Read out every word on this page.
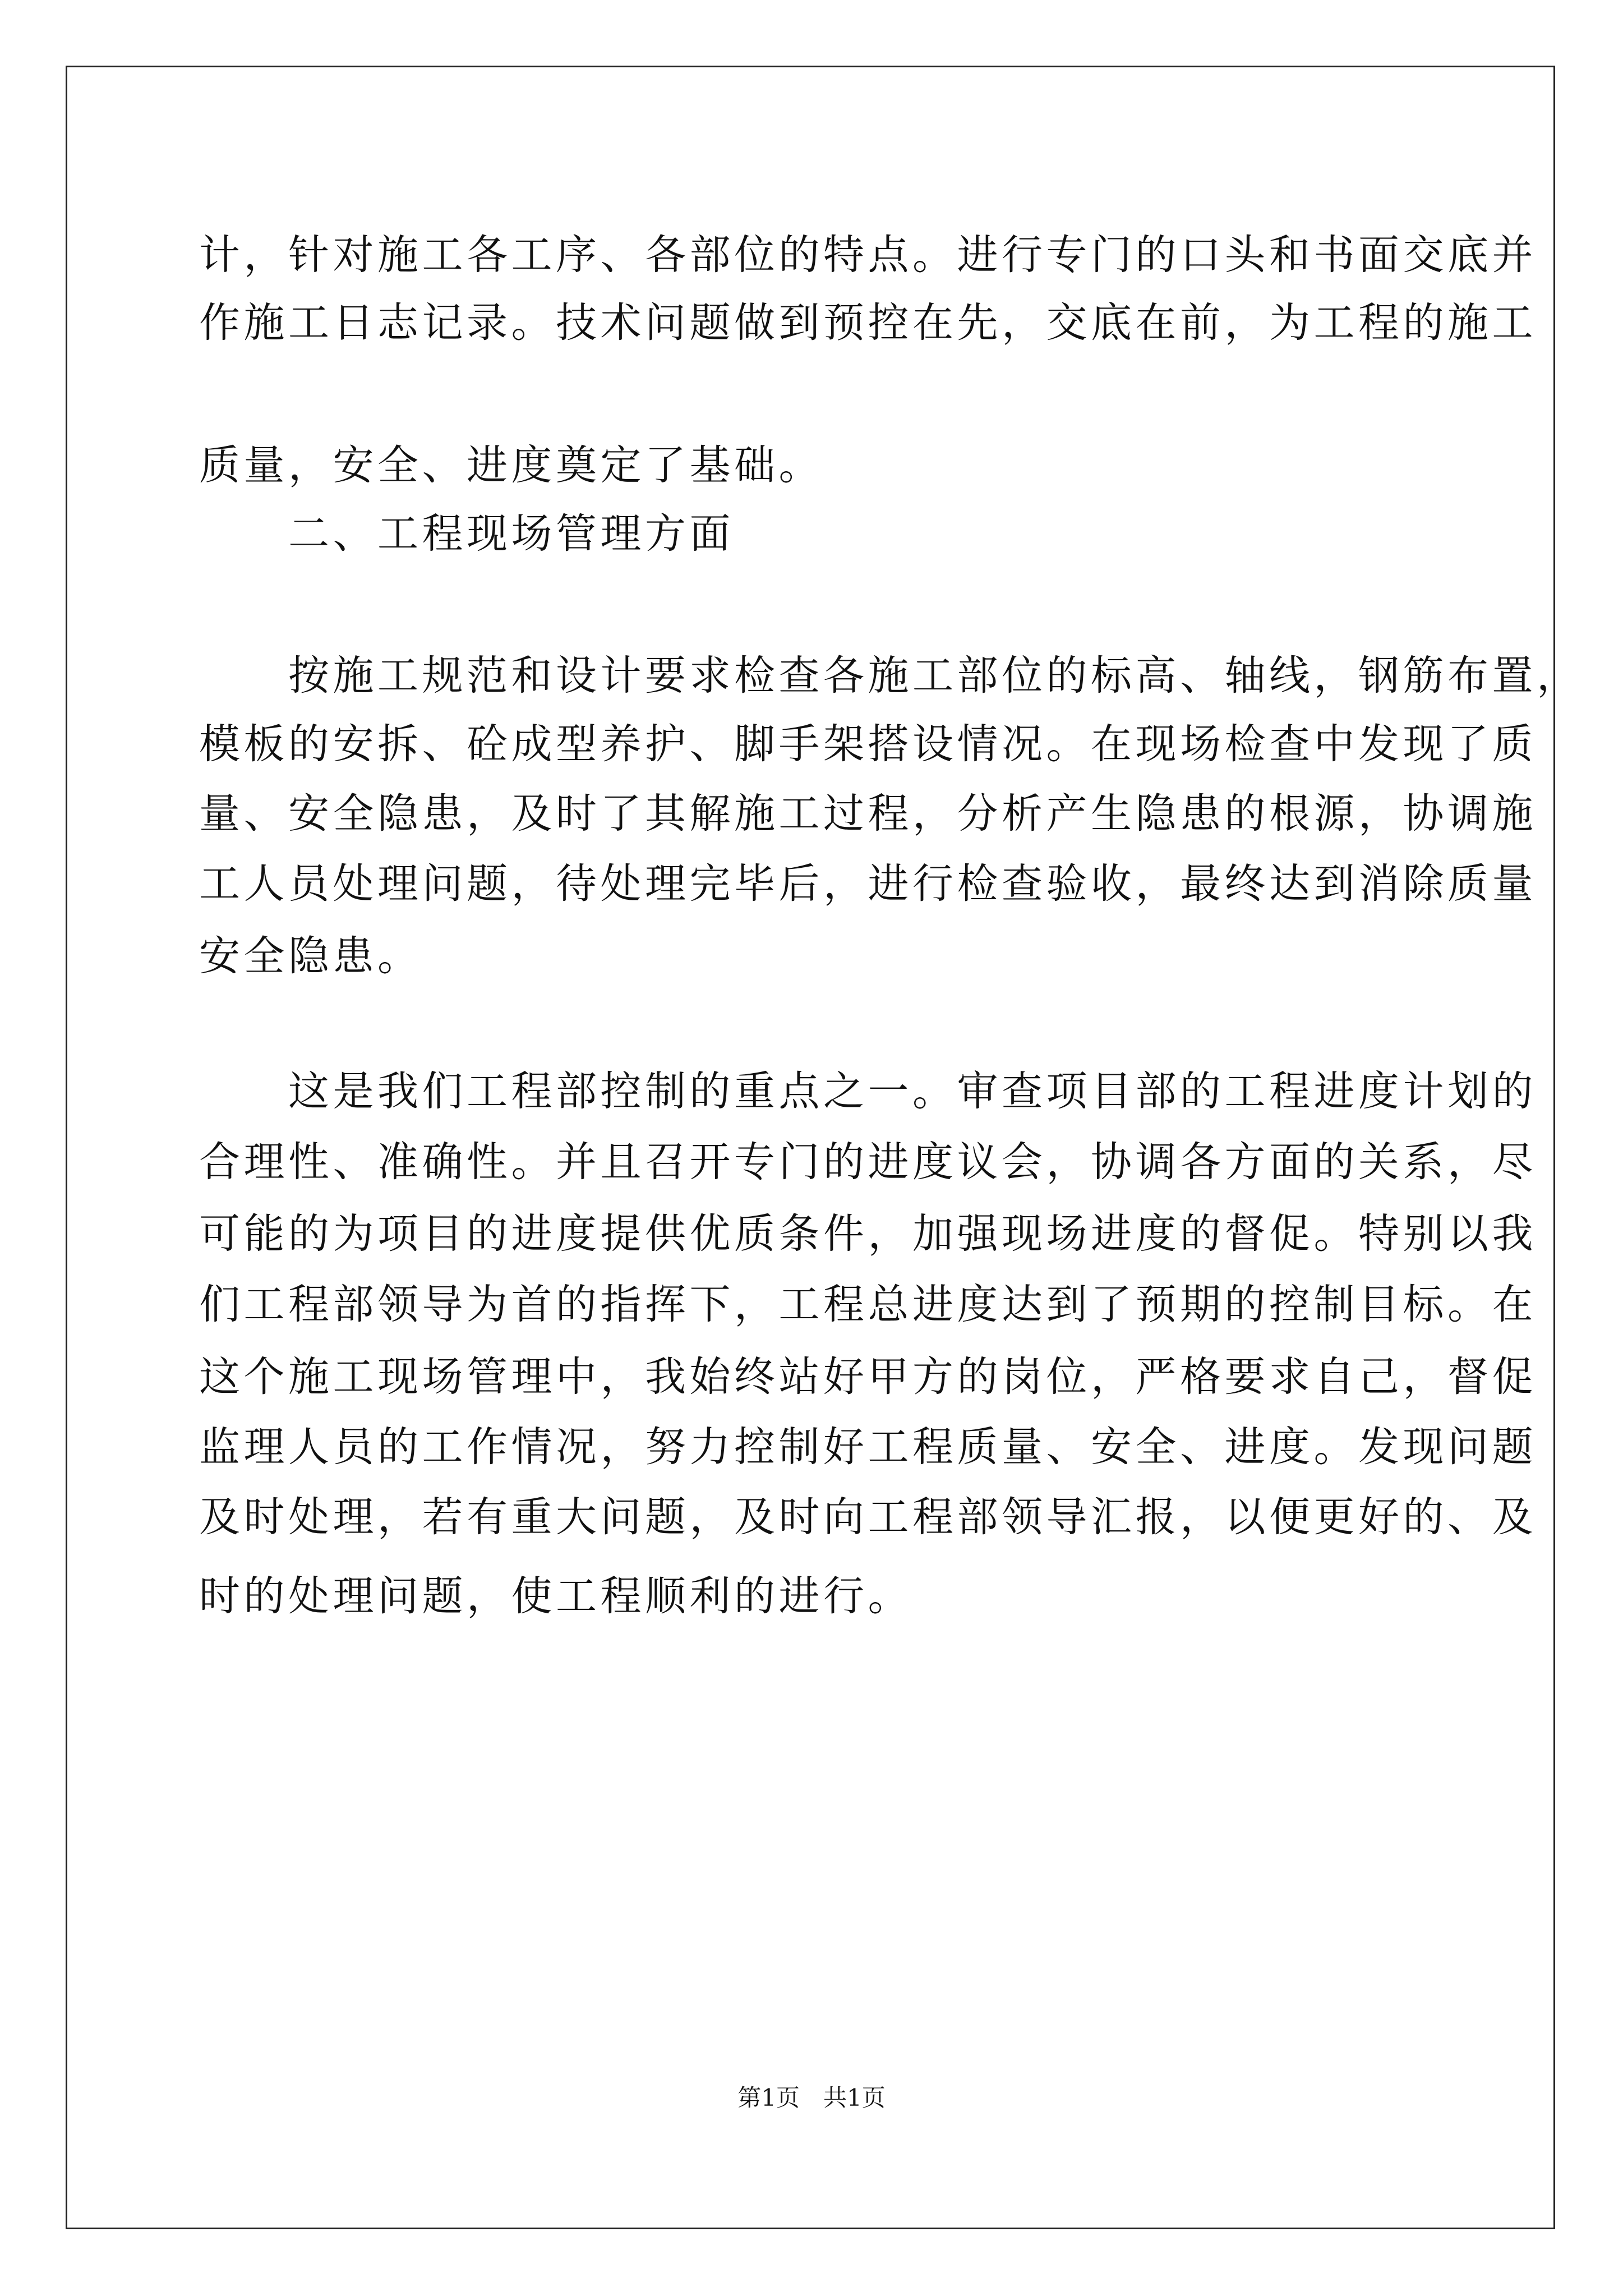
计，针对施工各工序、各部位的特点。进行专门的口头和书面交底并
作施工日志记录。技术问题做到预控在先，交底在前，为工程的施工
质量，安全、进度奠定了基础。
　　二、工程现场管理方面
　　按施工规范和设计要求检查各施工部位的标高、轴线，钢筋布置，
模板的安拆、砼成型养护、脚手架搭设情况。在现场检查中发现了质
量、安全隐患，及时了其解施工过程，分析产生隐患的根源，协调施
工人员处理问题，待处理完毕后，进行检查验收，最终达到消除质量
安全隐患。
　　这是我们工程部控制的重点之一。审查项目部的工程进度计划的
合理性、准确性。并且召开专门的进度议会，协调各方面的关系，尽
可能的为项目的进度提供优质条件，加强现场进度的督促。特别以我
们工程部领导为首的指挥下，工程总进度达到了预期的控制目标。在
这个施工现场管理中，我始终站好甲方的岗位，严格要求自己，督促
监理人员的工作情况，努力控制好工程质量、安全、进度。发现问题
及时处理，若有重大问题，及时向工程部领导汇报，以便更好的、及
时的处理问题，使工程顺利的进行。
第1页　共1页
